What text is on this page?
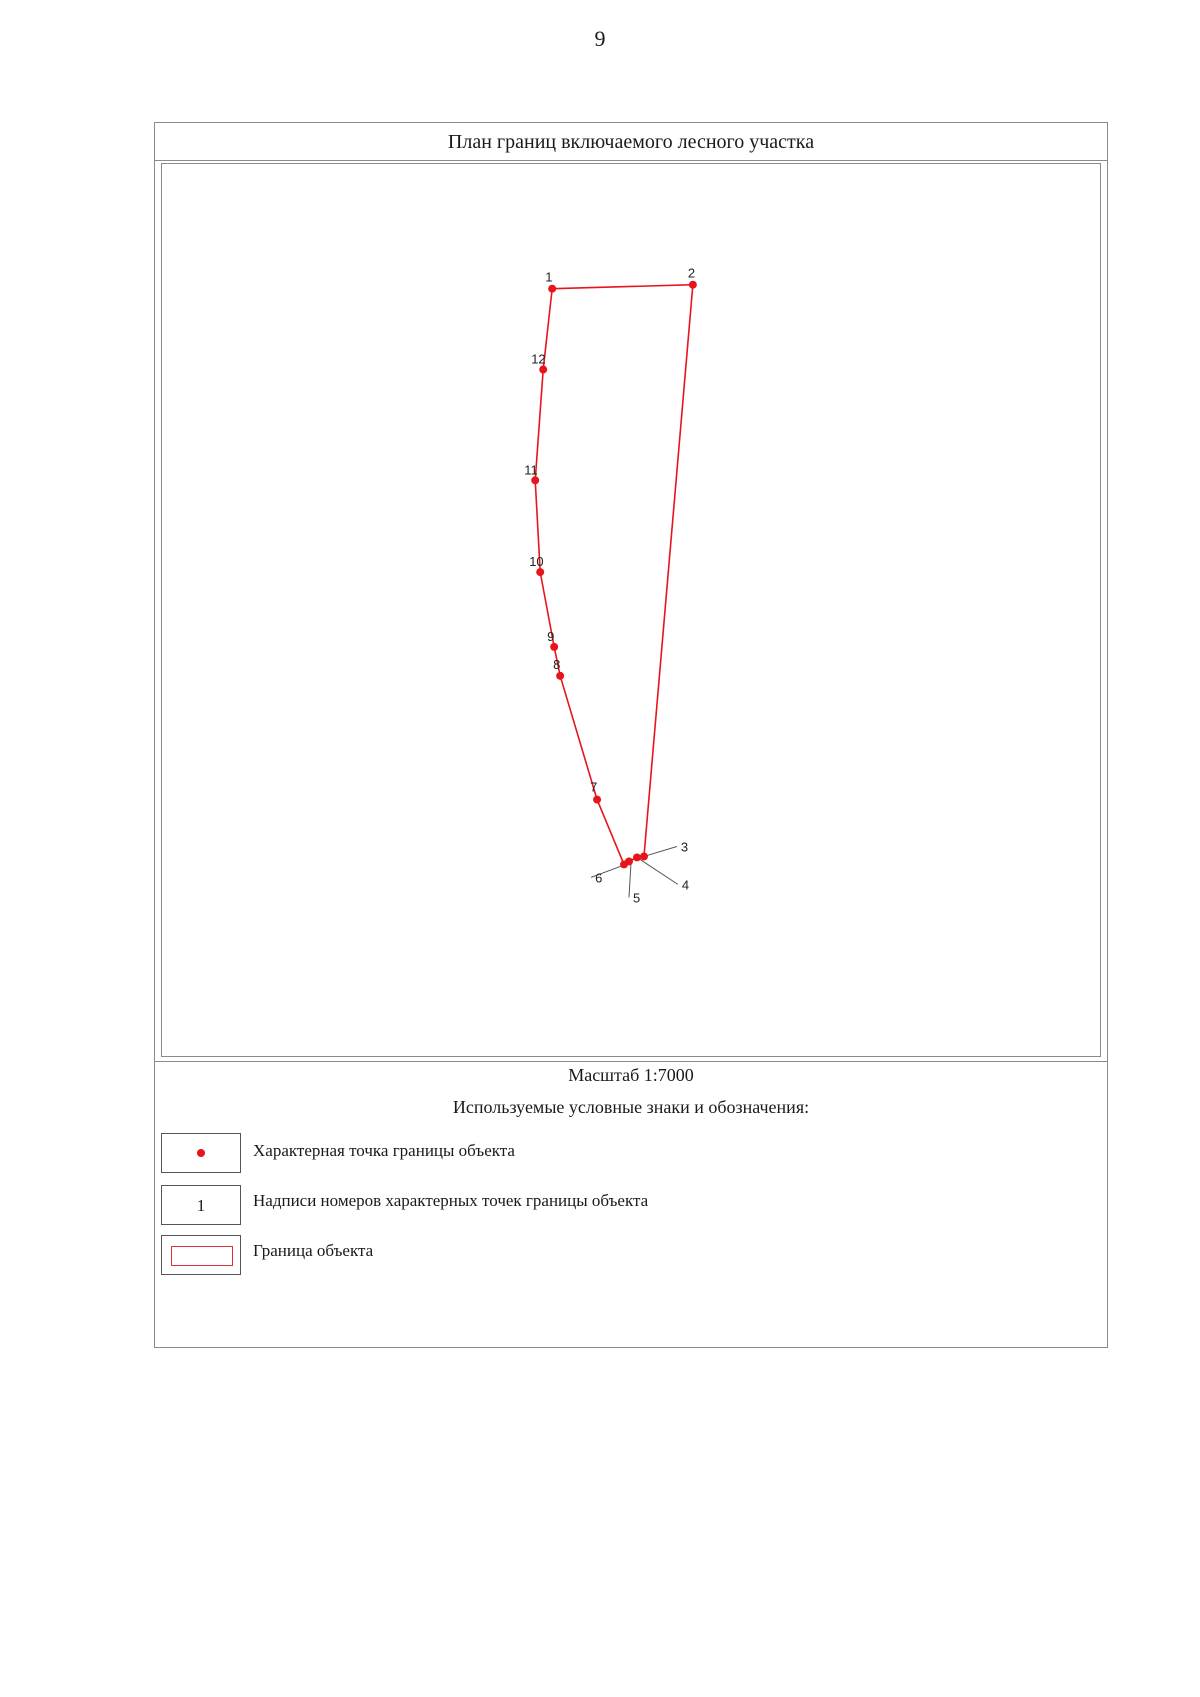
9
План границ включаемого лесного участка
1	2
3
4
5
6
7
8
9
10
11
12
Масштаб 1:7000
Используемые условные знаки и обозначения:
Характерная точка границы объекта
1	Надписи номеров характерных точек границы объекта
Граница объекта
